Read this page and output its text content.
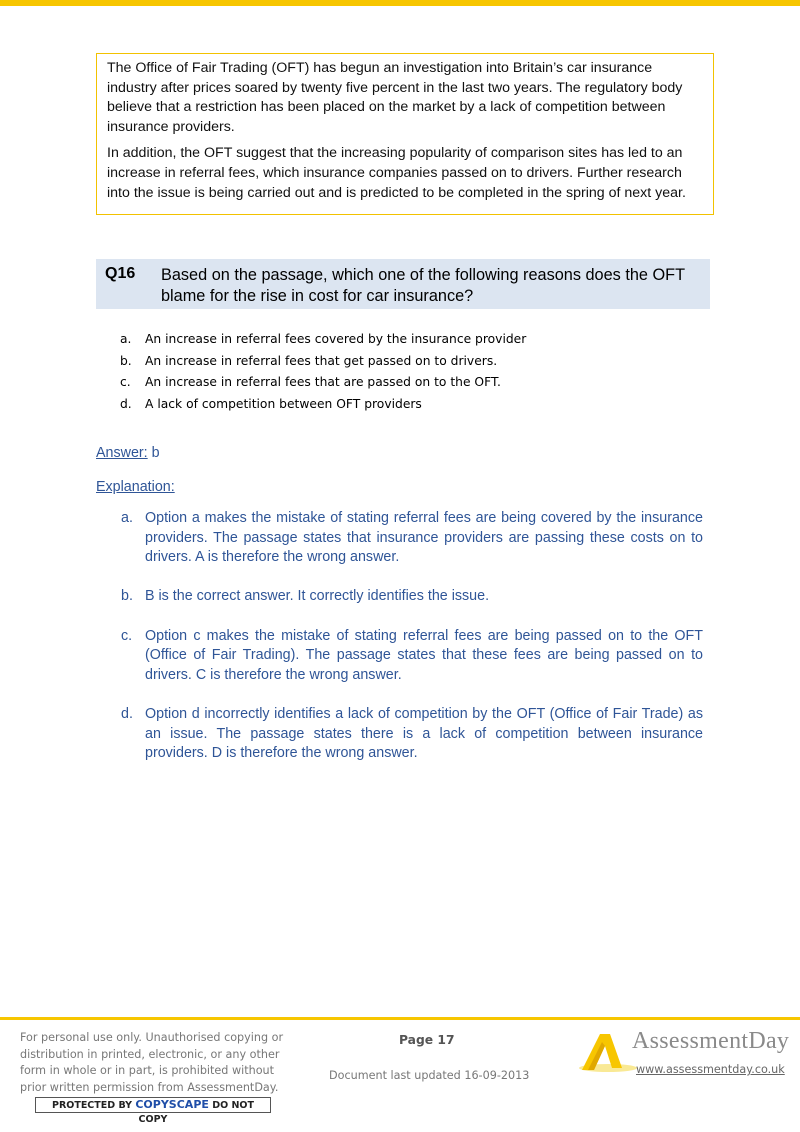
The Office of Fair Trading (OFT) has begun an investigation into Britain’s car insurance industry after prices soared by twenty five percent in the last two years. The regulatory body believe that a restriction has been placed on the market by a lack of competition between insurance providers.

In addition, the OFT suggest that the increasing popularity of comparison sites has led to an increase in referral fees, which insurance companies passed on to drivers. Further research into the issue is being carried out and is predicted to be completed in the spring of next year.

Q16 Based on the passage, which one of the following reasons does the OFT blame for the rise in cost for car insurance?
a. An increase in referral fees covered by the insurance provider
b. An increase in referral fees that get passed on to drivers.
c. An increase in referral fees that are passed on to the OFT.
d. A lack of competition between OFT providers
Answer: b
Explanation:
a. Option a makes the mistake of stating referral fees are being covered by the insurance providers. The passage states that insurance providers are passing these costs on to drivers. A is therefore the wrong answer.
b. B is the correct answer. It correctly identifies the issue.
c. Option c makes the mistake of stating referral fees are being passed on to the OFT (Office of Fair Trading). The passage states that these fees are being passed on to drivers. C is therefore the wrong answer.
d. Option d incorrectly identifies a lack of competition by the OFT (Office of Fair Trade) as an issue. The passage states there is a lack of competition between insurance providers. D is therefore the wrong answer.
For personal use only. Unauthorised copying or distribution in printed, electronic, or any other form in whole or in part, is prohibited without prior written permission from AssessmentDay.
PROTECTED BY COPYSCAPE DO NOT COPY
Page 17
Document last updated 16-09-2013
AssessmentDay
www.assessmentday.co.uk
